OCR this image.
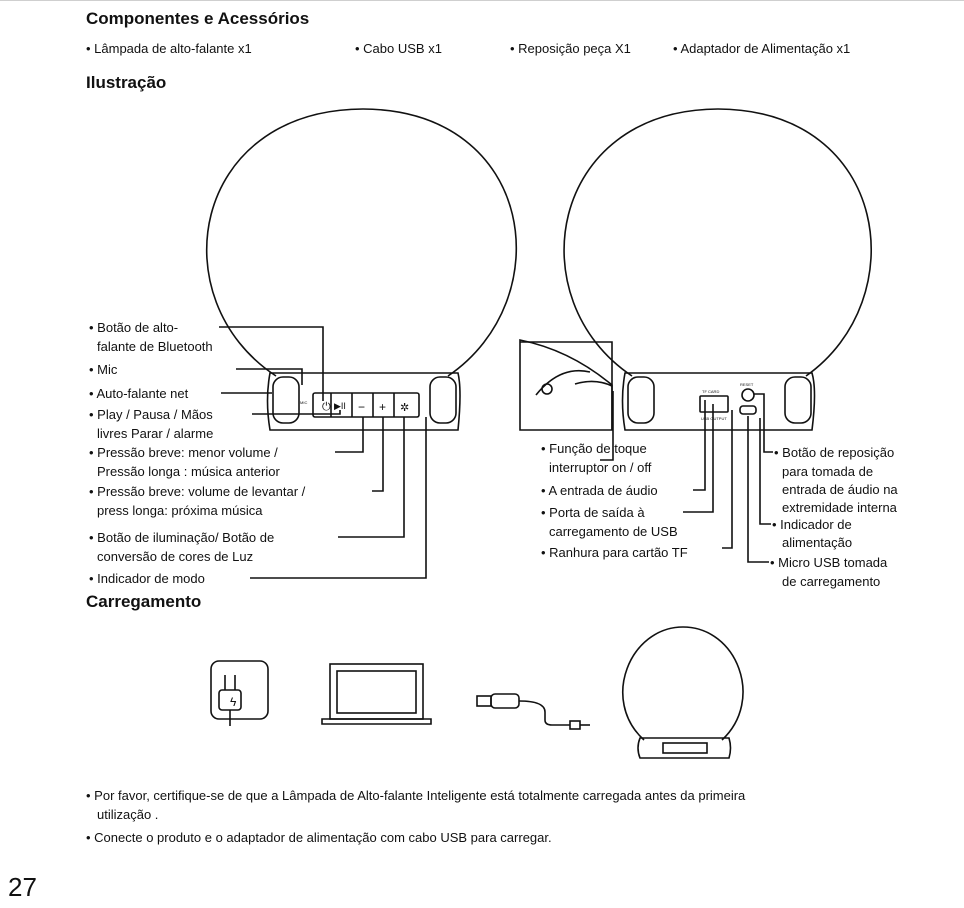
Componentes e Acessórios
• Lâmpada de alto-falante x1	• Cabo USB x1	• Reposição peça X1	• Adaptador de Alimentação x1
Ilustração
MIC ⏻ ▶II − + ✲
TF CARD
USB OUTPUT
RESET
ϟ
• Botão de alto-
falante de Bluetooth
• Mic
• Auto-falante net
• Play / Pausa / Mãos
livres Parar / alarme
• Pressão breve: menor volume /
Pressão longa : música anterior
• Pressão breve: volume de levantar /
press longa: próxima música
• Botão de iluminação/ Botão de
conversão de cores de Luz
• Indicador de modo
• Função de toque
interruptor on / off
• A entrada de áudio
• Porta de saída à
carregamento de USB
• Ranhura para cartão TF
• Botão de reposição
para tomada de
entrada de áudio na
extremidade interna
• Indicador de
alimentação
• Micro USB tomada
de carregamento
Carregamento
• Por favor, certifique-se de que a Lâmpada de Alto-falante Inteligente está totalmente carregada antes da primeira
utilização .
• Conecte o produto e o adaptador de alimentação com cabo USB para carregar.
27
